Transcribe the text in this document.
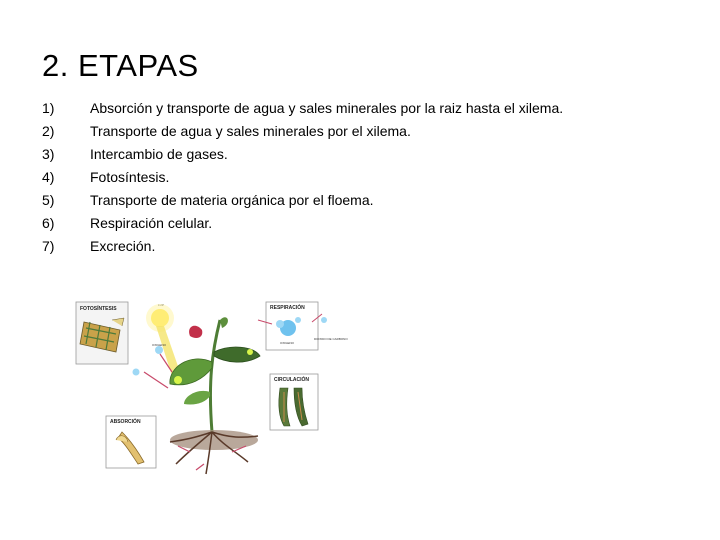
2. ETAPAS
1)	Absorción y transporte de agua y sales minerales por la raiz hasta el xilema.
2)	Transporte de agua y sales minerales por el xilema.
3)	Intercambio de gases.
4)	Fotosíntesis.
5)	Transporte de materia orgánica por el floema.
6)	Respiración celular.
7)	Excreción.
FOTOSÍNTESIS
OXIGENO
RESPIRACIÓN
OXIGENO
DIOXIDO DE CARBONO
CIRCULACIÓN
ABSORCIÓN
